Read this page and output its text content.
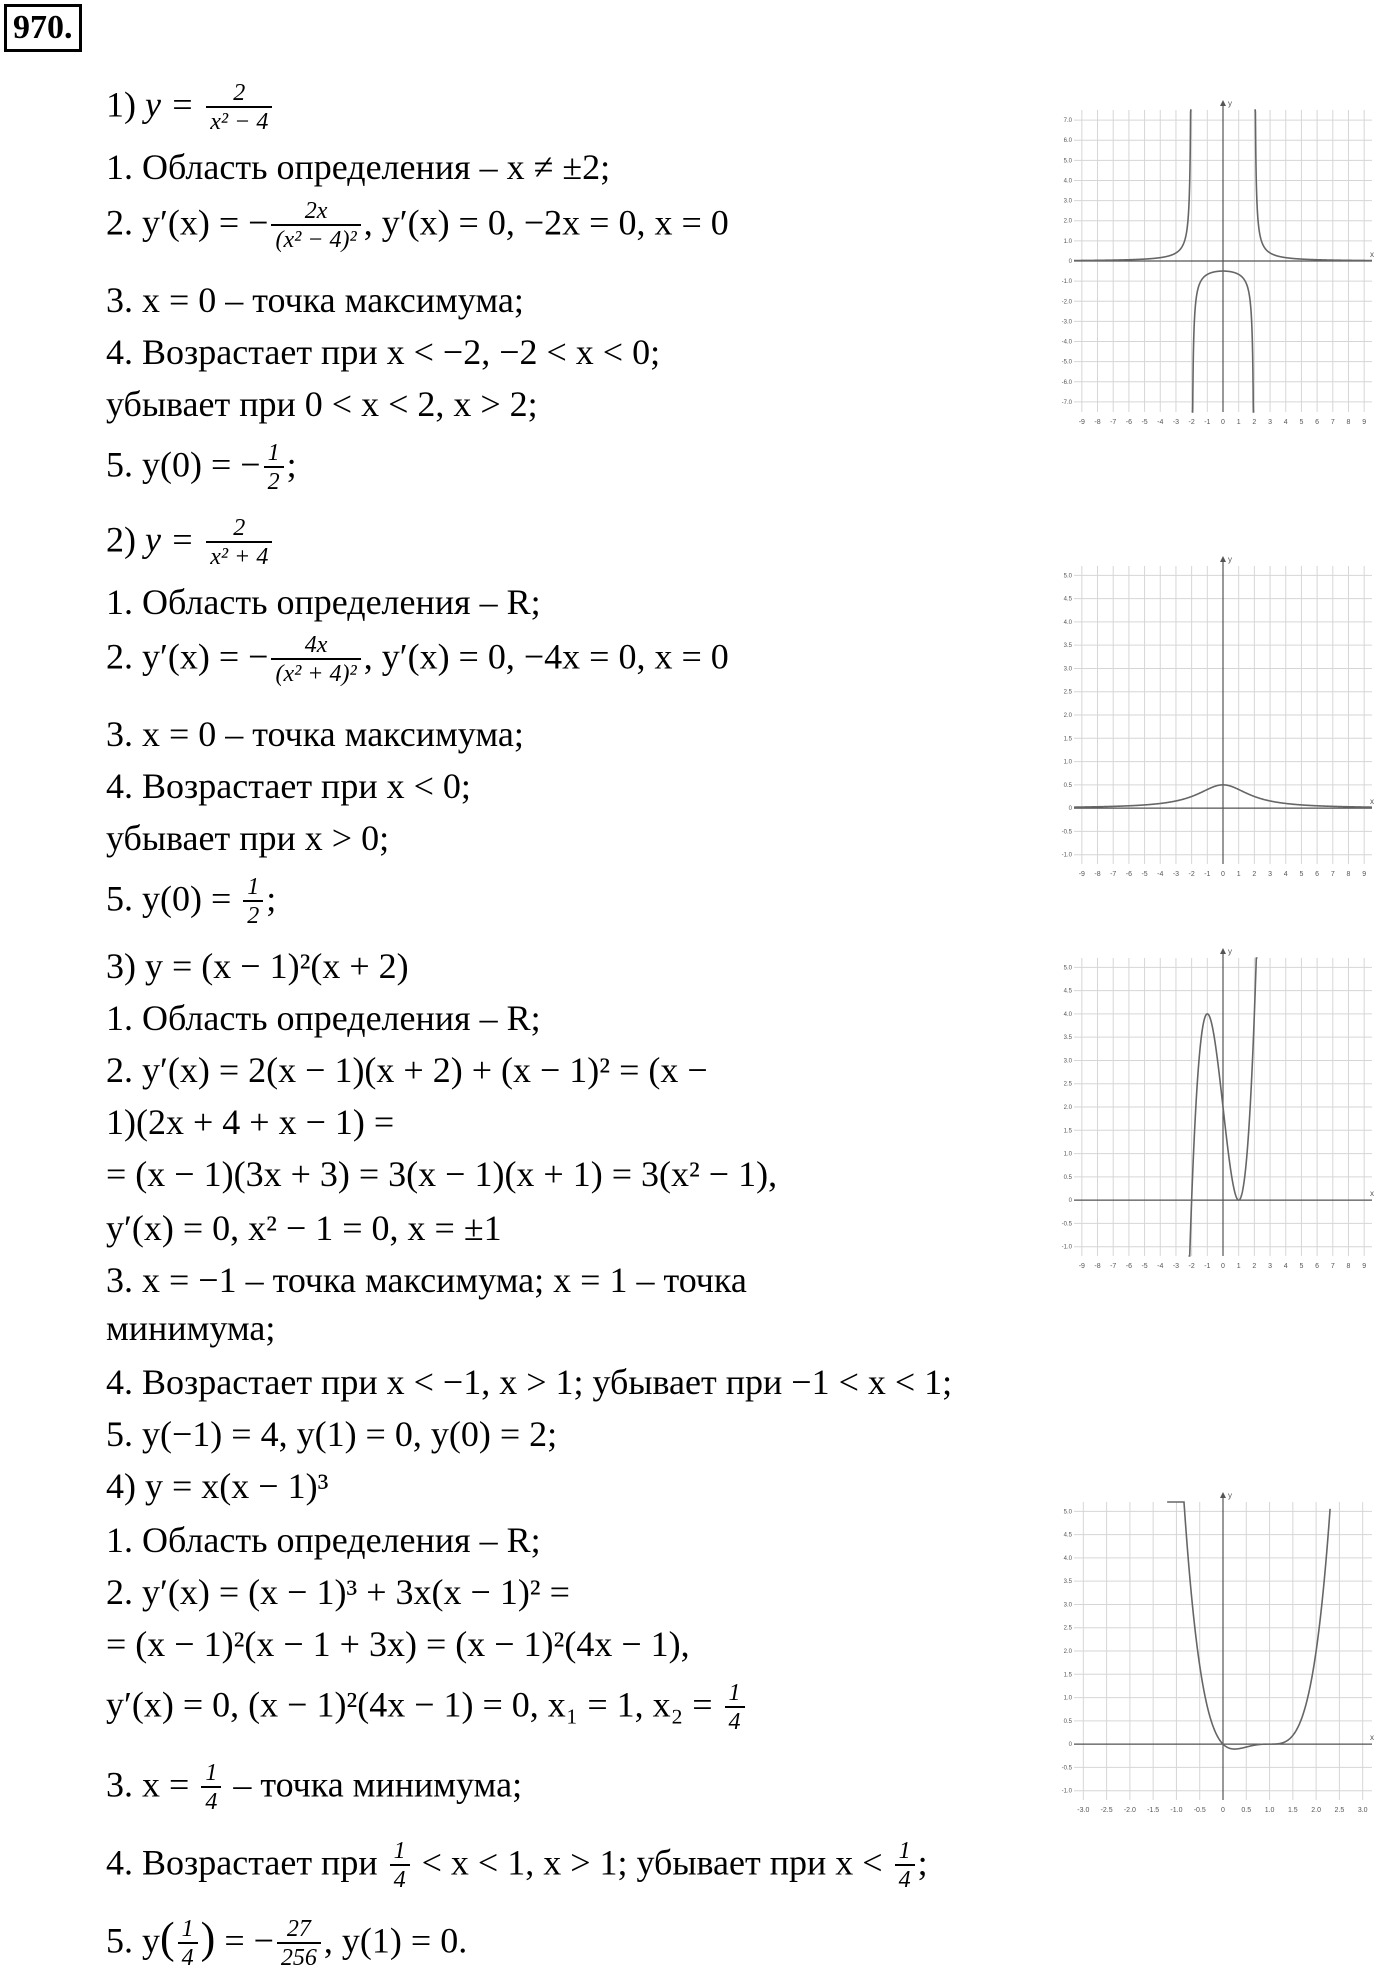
970.
1) $y = \frac{2}{\text{x² − 4}}$
1. Область определения – x ≠ ±2;
2. y′(x) = − $\frac{2x}{\text{(x² − 4)²}}$ , y′(x) = 0, −2x = 0, x = 0
3. x = 0 – точка максимума;
4. Возрастает при x < −2, −2 < x < 0;
убывает при 0 < x < 2, x > 2;
5. y(0) = − $\frac{1}{2}$ ;
2) $y = \frac{2}{\text{x² + 4}}$
1. Область определения – R;
2. y′(x) = − $\frac{4x}{\text{(x² + 4)²}}$ , y′(x) = 0, −4x = 0, x = 0
3. x = 0 – точка максимума;
4. Возрастает при x < 0;
убывает при x > 0;
5. $y(0) = \frac{1}{2}$ ;
3) y = (x − 1)²(x + 2)
1. Область определения – R;
2. y′(x) = 2(x − 1)(x + 2) + (x − 1)² = (x −
1)(2x + 4 + x − 1) =
= (x − 1)(3x + 3) = 3(x − 1)(x + 1) = 3(x² − 1),
y′(x) = 0, x² − 1 = 0, x = ±1
3. x = −1 – точка максимума; x = 1 – точка
минимума;
4. Возрастает при x < −1, x > 1; убывает при −1 < x < 1;
5. y(−1) = 4, y(1) = 0, y(0) = 2;
4) y = x(x − 1)³
1. Область определения – R;
2. y′(x) = (x − 1)³ + 3x(x − 1)² =
= (x − 1)²(x − 1 + 3x) = (x − 1)²(4x − 1),
y′(x) = 0, (x − 1)²(4x − 1) = 0, x₁ = 1, $x_2 = \frac{1}{4}$
3. $x = \frac{1}{4}$ – точка минимума;
4. Возрастает при $\frac{1}{4} < x < 1$, x > 1; убывает при $x < \frac{1}{4}$ ;
5. $y( \frac{1}{4}$ ) = − $\frac{27}{256}$ , y(1) = 0.
-9 -8 -7 -6 -5 -4 -3 -2 -1 0 1 2 3 4 5 6 7 8 9
7.0
6.0
5.0
4.0
3.0
2.0
1.0
0
-1.0
-2.0
-3.0
-4.0
-5.0
-6.0
-7.0
x
y
-9 -8 -7 -6 -5 -4 -3 -2 -1 0 1 2 3 4 5 6 7 8 9
5.0
4.5
4.0
3.5
3.0
2.5
2.0
1.5
1.0
0.5
0
-0.5
-1.0
x
y
-9 -8 -7 -6 -5 -4 -3 -2 -1 0 1 2 3 4 5 6 7 8 9
5.0
4.5
4.0
3.5
3.0
2.5
2.0
1.5
1.0
0.5
0
-0.5
-1.0
x
y
-3.0 -2.5 -2.0 -1.5 -1.0 -0.5 0 0.5 1.0 1.5 2.0 2.5 3.0
5.0
4.5
4.0
3.5
3.0
2.5
2.0
1.5
1.0
0.5
0
-0.5
-1.0
x
y
